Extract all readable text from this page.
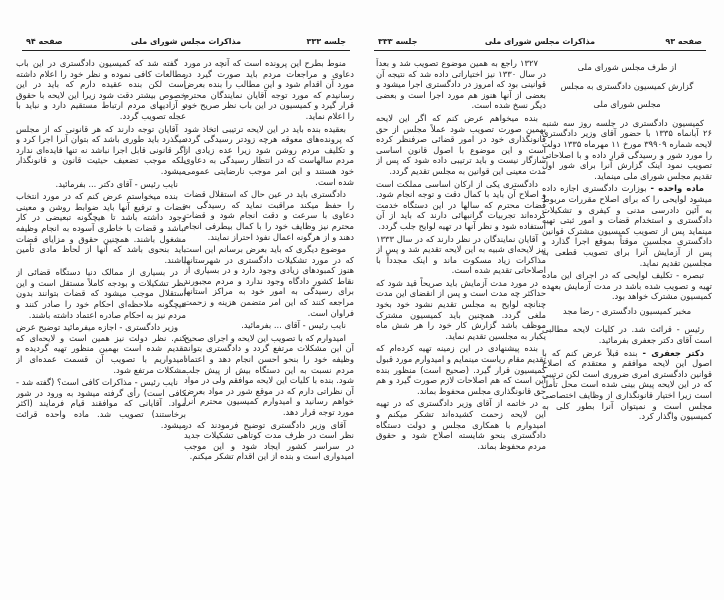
جلسه ۳۳۳
مذاکرات مجلس شورای ملی
صفحه ۹۴

منوط بطرح این پرونده است که آنچه در مورد دعاوی و مراجعات مردم باید صورت گیرد در مورد آن اقدام شود و این مطالب را بنده بعرض رسانیدم که مورد توجه آقایان نمایندگان محترم قرار گیرد و کمیسیون در این باب نظر صریح خود را اعلام نماید.

بعقیده بنده باید در این لایحه ترتیبی اتخاذ شود که پرونده‌های معوقه هرچه زودتر رسیدگی گردد و تکلیف مردم روشن شود زیرا عده زیادی از مردم سالهاست که در انتظار رسیدگی به دعاوی خود هستند و این امر موجب نارضایتی عمومی شده است.

دادگستری باید در عین حال که استقلال قضات را حفظ میکند مراقبت نماید که رسیدگی به دعاوی با سرعت و دقت انجام شود و قضات محترم نیز وظایف خود را با کمال بیطرفی انجام دهند و از هرگونه اعمال نفوذ احتراز نمایند.

موضوع دیگری که باید بعرض برسانم این است که در مورد تشکیلات دادگستری در شهرستانها هنوز کمبودهای زیادی وجود دارد و در بسیاری از نقاط کشور دادگاه وجود ندارد و مردم مجبورند برای رسیدگی به امور خود به مراکز استانها مراجعه کنند که این امر متضمن هزینه و زحمت فراوان است.

نایب رئیس - آقای ... بفرمائید.

امیدوارم که با تصویب این لایحه و اجرای صحیح آن این مشکلات مرتفع گردد و دادگستری بتواند وظیفه خود را بنحو احسن انجام دهد و اعتماد مردم نسبت به این دستگاه بیش از پیش جلب شود. بنده با کلیات این لایحه موافقم ولی در مواد آن نظراتی دارم که در موقع شور در مواد بعرض خواهم رسانید و امیدوارم کمیسیون محترم آنرا مورد توجه قرار دهد.

آقای وزیر دادگستری توضیح فرمودند که در نظر است در ظرف مدت کوتاهی تشکیلات جدید در سراسر کشور ایجاد شود و این موجب امیدواری است و بنده از این اقدام تشکر میکنم.

گفته شد که کمیسیون دادگستری در این باب مطالعات کافی نموده و نظر خود را اعلام داشته است لکن بنده عقیده دارم که باید در این خصوص بیشتر دقت شود زیرا این لایحه با حقوق و آزادیهای مردم ارتباط مستقیم دارد و نباید با عجله تصویب گردد.

آقایان توجه دارند که هر قانونی که از مجلس میگذرد باید طوری باشد که بتوان آنرا اجرا کرد و اگر قانونی قابل اجرا نباشد نه تنها فایده‌ای ندارد بلکه موجب تضعیف حیثیت قانون و قانونگذار میشود.

نایب رئیس - آقای دکتر ... بفرمائید.

بنده میخواستم عرض کنم که در مورد انتخاب قضات و ترفیع آنها باید ضوابط روشن و معینی وجود داشته باشد تا هیچگونه تبعیضی در کار نباشد و قضات با خاطری آسوده به انجام وظیفه مشغول باشند. همچنین حقوق و مزایای قضات باید بنحوی باشد که آنها از لحاظ مادی تأمین باشند.

در بسیاری از ممالک دنیا دستگاه قضائی از نظر تشکیلات و بودجه کاملاً مستقل است و این استقلال موجب میشود که قضات بتوانند بدون هیچگونه ملاحظه‌ای احکام خود را صادر کنند و مردم نیز به احکام صادره اعتماد داشته باشند.

وزیر دادگستری - اجازه میفرمائید توضیح عرض کنم. نظر دولت نیز همین است و لایحه‌ای که تقدیم شده است بهمین منظور تهیه گردیده و امیدواریم با تصویب آن قسمت عمده‌ای از مشکلات مرتفع شود.

نایب رئیس - مذاکرات کافی است؟ (گفته شد - کافی است) رأی گرفته میشود به ورود در شور مواد. آقایانی که موافقند قیام فرمایند (اکثر برخاستند) تصویب شد. ماده واحده قرائت میشود.

صفحه ۹۳
مذاکرات مجلس شورای ملی
جلسه ۳۳۳

از طرف مجلس شورای ملی

گزارش کمیسیون دادگستری به مجلس

مجلس شورای ملی

کمیسیون دادگستری در جلسه روز سه شنبه ۲۶ آبانماه ۱۳۳۵ با حضور آقای وزیر دادگستری لایحه شماره ۳۹۹۰۹ مورخ ۱۱ مهرماه ۱۳۳۵ دولت را مورد شور و رسیدگی قرار داده و با اصلاحاتی تصویب نمود اینک گزارش آنرا برای شور اول تقدیم مجلس شورای ملی مینماید.

ماده واحده - بوزارت دادگستری اجازه داده میشود لوایحی را که برای اصلاح مقررات مربوط به آئین دادرسی مدنی و کیفری و تشکیلات دادگستری و استخدام قضات و امور ثبتی تهیه مینماید پس از تصویب کمیسیون مشترک قوانین دادگستری مجلسین موقتاً بموقع اجرا گذارد و پس از آزمایش آنرا برای تصویب قطعی به مجلسین تقدیم نماید.

تبصره - تکلیف لوایحی که در اجرای این ماده تهیه و تصویب شده باشد در مدت آزمایش بعهده کمیسیون مشترک خواهد بود.

مخبر کمیسیون دادگستری - رضا مجد

رئیس - قرائت شد. در کلیات لایحه مطالبی است آقای دکتر جعفری بفرمائید.

دکتر جعفری - بنده قبلاً عرض کنم که با اصول این لایحه موافقم و معتقدم که اصلاح قوانین دادگستری امری ضروری است لکن ترتیبی که در این لایحه پیش بینی شده است محل تأمل است زیرا اختیار قانونگذاری از وظایف اختصاصی مجلس است و نمیتوان آنرا بطور کلی به کمیسیون واگذار کرد.

۱۳۲۷ راجع به همین موضوع تصویب شد و بعداً در سال ۱۳۳۰ نیز اختیاراتی داده شد که نتیجه آن قوانینی بود که امروز در دادگستری اجرا میشود و بعضی از آنها هنوز هم مورد اجرا است و بعضی دیگر نسخ شده است.

بنده میخواهم عرض کنم که اگر این لایحه بهمین صورت تصویب شود عملاً مجلس از حق قانونگذاری خود در امور قضائی صرفنظر کرده است و این موضوع با اصول قانون اساسی سازگار نیست و باید ترتیبی داده شود که پس از مدت معینی این قوانین به مجلس تقدیم گردد.

دادگستری یکی از ارکان اساسی مملکت است و اصلاح آن باید با کمال دقت و توجه انجام شود. قضات محترم که سالها در این دستگاه خدمت کرده‌اند تجربیات گرانبهائی دارند که باید از آن استفاده شود و نظر آنها در تهیه لوایح جلب گردد.

آقایان نمایندگان در نظر دارند که در سال ۱۳۳۳ نیز لایحه‌ای شبیه به این لایحه تقدیم شد و پس از مذاکرات زیاد مسکوت ماند و اینک مجدداً با اصلاحاتی تقدیم شده است.

در مورد مدت آزمایش باید صریحاً قید شود که حداکثر چه مدت است و پس از انقضای این مدت چنانچه لوایح به مجلس تقدیم نشود خود بخود ملغی گردد. همچنین باید کمیسیون مشترک موظف باشد گزارش کار خود را هر شش ماه یکبار به مجلسین تقدیم نماید.

بنده پیشنهادی در این زمینه تهیه کرده‌ام که تقدیم مقام ریاست مینمایم و امیدوارم مورد قبول کمیسیون قرار گیرد. (صحیح است) منظور بنده این است که هم اصلاحات لازم صورت گیرد و هم حق قانونگذاری مجلس محفوظ بماند.

در خاتمه از آقای وزیر دادگستری که در تهیه این لایحه زحمت کشیده‌اند تشکر میکنم و امیدوارم با همکاری مجلس و دولت دستگاه دادگستری بنحو شایسته اصلاح شود و حقوق مردم محفوظ بماند.
